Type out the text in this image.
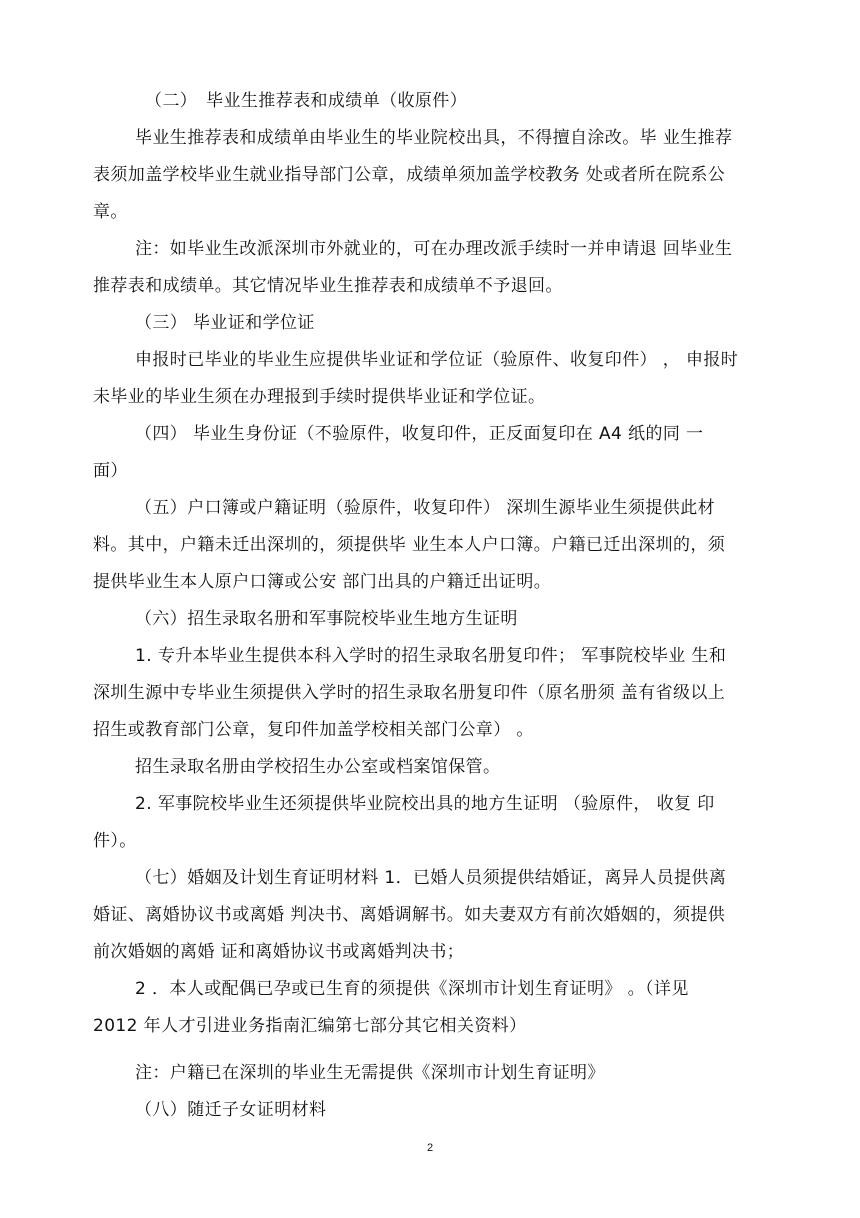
（二）　毕业生推荐表和成绩单（收原件）
毕业生推荐表和成绩单由毕业生的毕业院校出具，不得擅自涂改。毕 业生推荐
表须加盖学校毕业生就业指导部门公章，成绩单须加盖学校教务 处或者所在院系公
章。
注：如毕业生改派深圳市外就业的，可在办理改派手续时一并申请退 回毕业生
推荐表和成绩单。其它情况毕业生推荐表和成绩单不予退回。
（三） 毕业证和学位证
申报时已毕业的毕业生应提供毕业证和学位证（验原件、收复印件） ， 申报时
未毕业的毕业生须在办理报到手续时提供毕业证和学位证。
（四） 毕业生身份证（不验原件，收复印件，正反面复印在 A4 纸的同 一
面）
（五）户口簿或户籍证明（验原件，收复印件） 深圳生源毕业生须提供此材
料。其中，户籍未迁出深圳的，须提供毕 业生本人户口簿。户籍已迁出深圳的，须
提供毕业生本人原户口簿或公安 部门出具的户籍迁出证明。
（六）招生录取名册和军事院校毕业生地方生证明
1. 专升本毕业生提供本科入学时的招生录取名册复印件； 军事院校毕业 生和
深圳生源中专毕业生须提供入学时的招生录取名册复印件（原名册须 盖有省级以上
招生或教育部门公章，复印件加盖学校相关部门公章） 。
招生录取名册由学校招生办公室或档案馆保管。
2. 军事院校毕业生还须提供毕业院校出具的地方生证明 （验原件， 收复 印
件）。
（七）婚姻及计划生育证明材料 1．已婚人员须提供结婚证，离异人员提供离
婚证、离婚协议书或离婚 判决书、离婚调解书。如夫妻双方有前次婚姻的，须提供
前次婚姻的离婚 证和离婚协议书或离婚判决书；
2 ．本人或配偶已孕或已生育的须提供《深圳市计划生育证明》 。（详见
2012 年人才引进业务指南汇编第七部分其它相关资料）
注：户籍已在深圳的毕业生无需提供《深圳市计划生育证明》
（八）随迁子女证明材料
2
